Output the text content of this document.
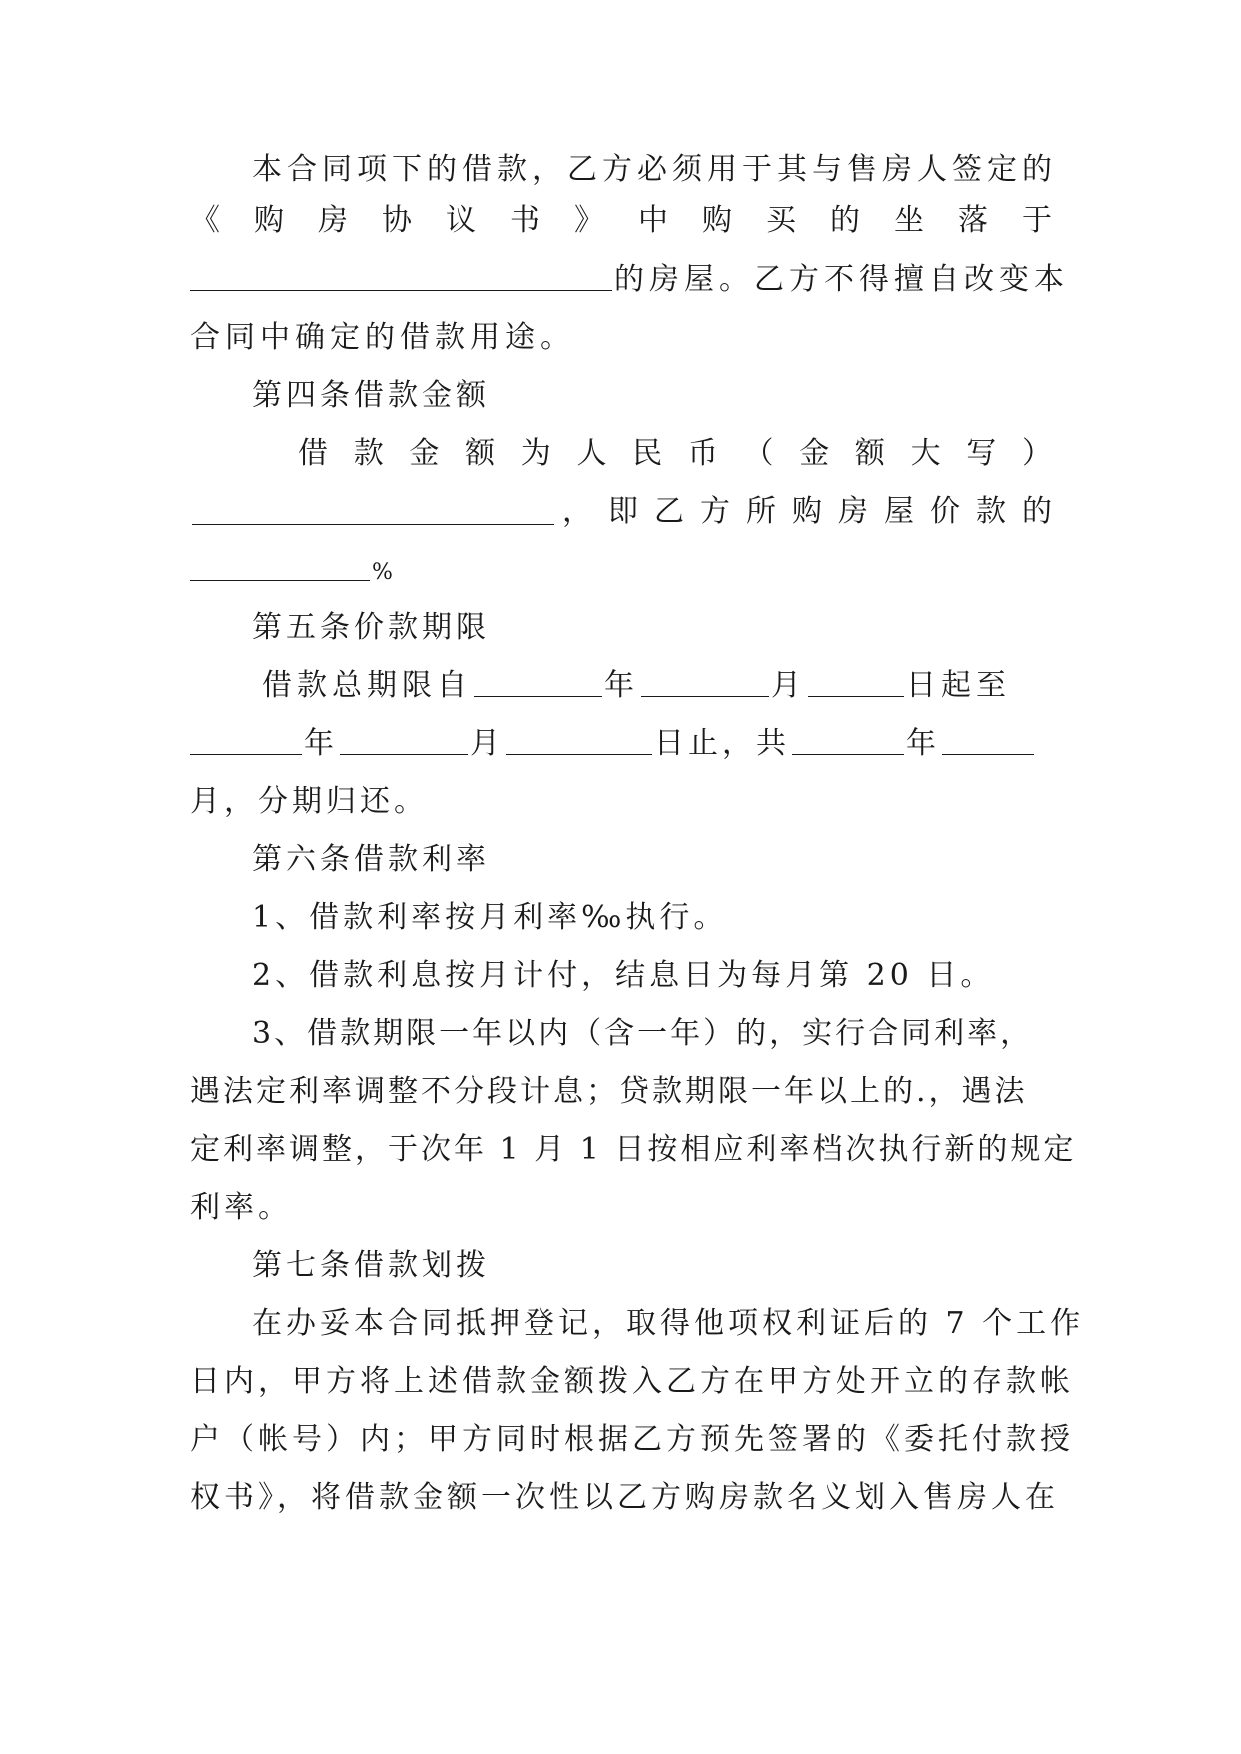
本合同项下的借款，乙方必须用于其与售房人签定的
《 购 房 协 议 书 》 中 购 买 的 坐 落 于
的房屋。乙方不得擅自改变本
合同中确定的借款用途。
第四条借款金额
借 款 金 额 为 人 民 币 （ 金 额 大 写 ）
， 即 乙 方 所 购 房 屋 价 款 的
%
第五条价款期限
借款总期限自	年	月	日起至
年	月	日止，共	年
月，分期归还。
第六条借款利率
1、借款利率按月利率‰执行。
2、借款利息按月计付，结息日为每月第 20 日。
3、借款期限一年以内（含一年）的，实行合同利率，
遇法定利率调整不分段计息；贷款期限一年以上的.，遇法
定利率调整，于次年 1 月 1 日按相应利率档次执行新的规定
利率。
第七条借款划拨
在办妥本合同抵押登记，取得他项权利证后的 7 个工作
日内，甲方将上述借款金额拨入乙方在甲方处开立的存款帐
户（帐号）内；甲方同时根据乙方预先签署的《委托付款授
权书》，将借款金额一次性以乙方购房款名义划入售房人在
